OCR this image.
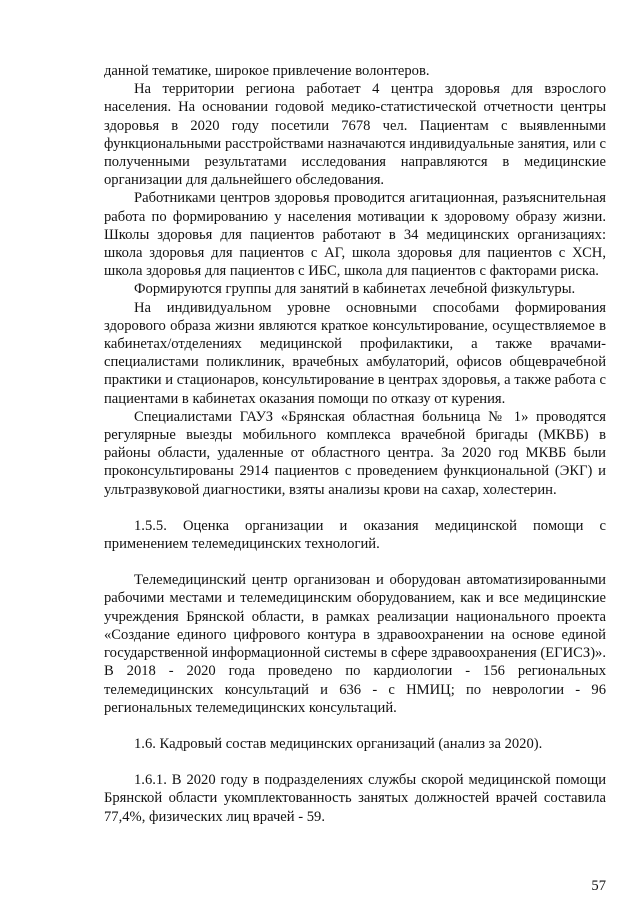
данной тематике, широкое привлечение волонтеров.

На территории региона работает 4 центра здоровья для взрослого населения. На основании годовой медико-статистической отчетности центры здоровья в 2020 году посетили 7678 чел. Пациентам с выявленными функциональными расстройствами назначаются индивидуальные занятия, или с полученными результатами исследования направляются в медицинские организации для дальнейшего обследования.

Работниками центров здоровья проводится агитационная, разъяснительная работа по формированию у населения мотивации к здоровому образу жизни. Школы здоровья для пациентов работают в 34 медицинских организациях: школа здоровья для пациентов с АГ, школа здоровья для пациентов с ХСН, школа здоровья для пациентов с ИБС, школа для пациентов с факторами риска.

Формируются группы для занятий в кабинетах лечебной физкультуры.

На индивидуальном уровне основными способами формирования здорового образа жизни являются краткое консультирование, осуществляемое в кабинетах/отделениях медицинской профилактики, а также врачами-специалистами поликлиник, врачебных амбулаторий, офисов общеврачебной практики и стационаров, консультирование в центрах здоровья, а также работа с пациентами в кабинетах оказания помощи по отказу от курения.

Специалистами ГАУЗ «Брянская областная больница № 1» проводятся регулярные выезды мобильного комплекса врачебной бригады (МКВБ) в районы области, удаленные от областного центра. За 2020 год МКВБ были проконсультированы 2914 пациентов с проведением функциональной (ЭКГ) и ультразвуковой диагностики, взяты анализы крови на сахар, холестерин.

1.5.5. Оценка организации и оказания медицинской помощи с применением телемедицинских технологий.

Телемедицинский центр организован и оборудован автоматизированными рабочими местами и телемедицинским оборудованием, как и все медицинские учреждения Брянской области, в рамках реализации национального проекта «Создание единого цифрового контура в здравоохранении на основе единой государственной информационной системы в сфере здравоохранения (ЕГИСЗ)». В 2018 - 2020 года проведено по кардиологии - 156 региональных телемедицинских консультаций и 636 - с НМИЦ; по неврологии - 96 региональных телемедицинских консультаций.

1.6. Кадровый состав медицинских организаций (анализ за 2020).

1.6.1. В 2020 году в подразделениях службы скорой медицинской помощи Брянской области укомплектованность занятых должностей врачей составила 77,4%, физических лиц врачей - 59.

57
